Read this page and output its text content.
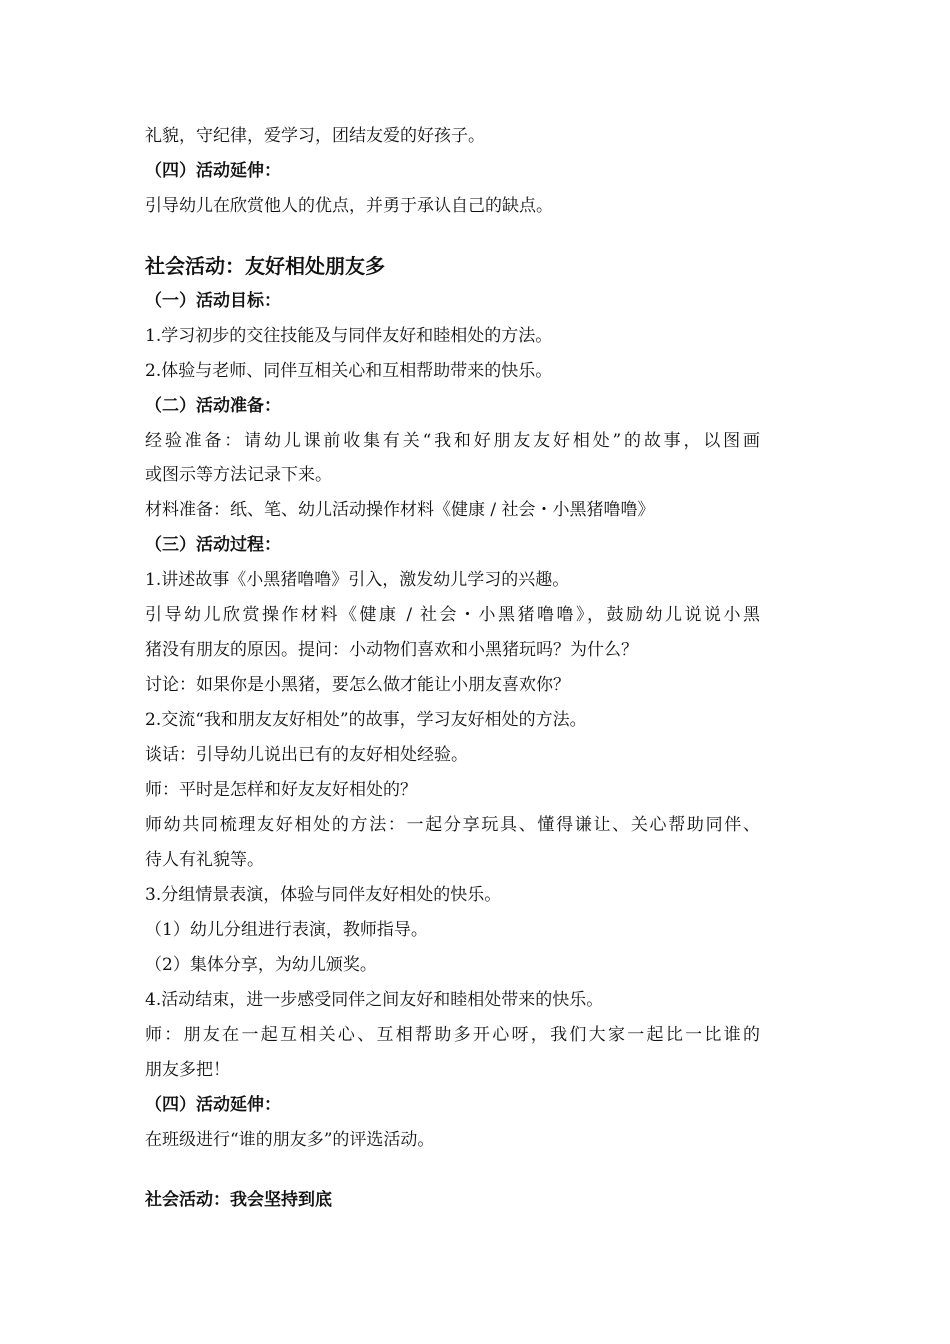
礼貌，守纪律，爱学习，团结友爱的好孩子。
（四）活动延伸：
引导幼儿在欣赏他人的优点，并勇于承认自己的缺点。
社会活动：友好相处朋友多
（一）活动目标：
1.学习初步的交往技能及与同伴友好和睦相处的方法。
2.体验与老师、同伴互相关心和互相帮助带来的快乐。
（二）活动准备：
经验准备：请幼儿课前收集有关“我和好朋友友好相处”的故事，以图画
或图示等方法记录下来。
材料准备：纸、笔、幼儿活动操作材料《健康 / 社会・小黑猪噜噜》
（三）活动过程：
1.讲述故事《小黑猪噜噜》引入，激发幼儿学习的兴趣。
引导幼儿欣赏操作材料《健康 / 社会・小黑猪噜噜》，鼓励幼儿说说小黑
猪没有朋友的原因。提问：小动物们喜欢和小黑猪玩吗？为什么？
讨论：如果你是小黑猪，要怎么做才能让小朋友喜欢你？
2.交流“我和朋友友好相处”的故事，学习友好相处的方法。
谈话：引导幼儿说出已有的友好相处经验。
师：平时是怎样和好友友好相处的？
师幼共同梳理友好相处的方法：一起分享玩具、懂得谦让、关心帮助同伴、
待人有礼貌等。
3.分组情景表演，体验与同伴友好相处的快乐。
（1）幼儿分组进行表演，教师指导。
（2）集体分享，为幼儿颁奖。
4.活动结束，进一步感受同伴之间友好和睦相处带来的快乐。
师：朋友在一起互相关心、互相帮助多开心呀，我们大家一起比一比谁的
朋友多把！
（四）活动延伸：
在班级进行“谁的朋友多”的评选活动。
社会活动：我会坚持到底
